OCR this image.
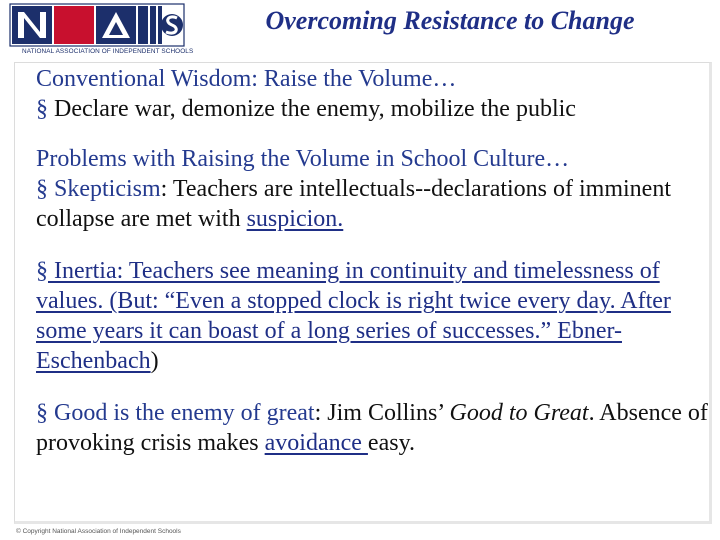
NATIONAL ASSOCIATION OF INDEPENDENT SCHOOLS
Overcoming Resistance to Change

Conventional Wisdom: Raise the Volume…
§ Declare war, demonize the enemy, mobilize the public

Problems with Raising the Volume in School Culture…
§ Skepticism: Teachers are intellectuals--declarations of imminent collapse are met with suspicion.

§ Inertia: Teachers see meaning in continuity and timelessness of values. (But: “Even a stopped clock is right twice every day. After some years it can boast of a long series of successes.” Ebner-Eschenbach)

§ Good is the enemy of great: Jim Collins’ Good to Great. Absence of provoking crisis makes avoidance easy.

© Copyright National Association of Independent Schools
